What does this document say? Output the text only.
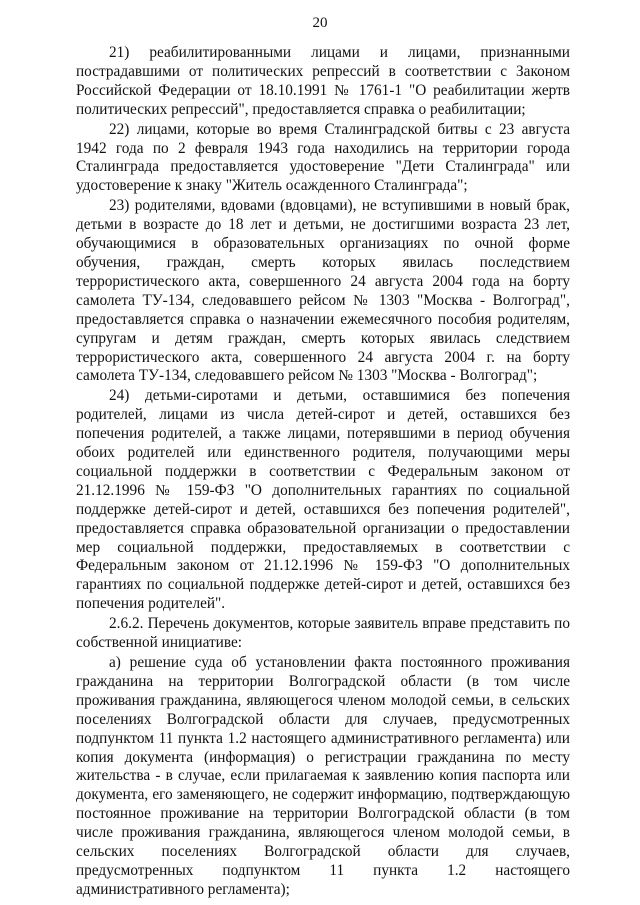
20

21) реабилитированными лицами и лицами, признанными пострадавшими от политических репрессий в соответствии с Законом Российской Федерации от 18.10.1991 № 1761-1 "О реабилитации жертв политических репрессий", предоставляется справка о реабилитации;

22) лицами, которые во время Сталинградской битвы с 23 августа 1942 года по 2 февраля 1943 года находились на территории города Сталинграда предоставляется удостоверение "Дети Сталинграда" или удостоверение к знаку "Житель осажденного Сталинграда";

23) родителями, вдовами (вдовцами), не вступившими в новый брак, детьми в возрасте до 18 лет и детьми, не достигшими возраста 23 лет, обучающимися в образовательных организациях по очной форме обучения, граждан, смерть которых явилась последствием террористического акта, совершенного 24 августа 2004 года на борту самолета ТУ-134, следовавшего рейсом № 1303 "Москва - Волгоград", предоставляется справка о назначении ежемесячного пособия родителям, супругам и детям граждан, смерть которых явилась следствием террористического акта, совершенного 24 августа 2004 г. на борту самолета ТУ-134, следовавшего рейсом № 1303 "Москва - Волгоград";

24) детьми-сиротами и детьми, оставшимися без попечения родителей, лицами из числа детей-сирот и детей, оставшихся без попечения родителей, а также лицами, потерявшими в период обучения обоих родителей или единственного родителя, получающими меры социальной поддержки в соответствии с Федеральным законом от 21.12.1996 № 159-ФЗ "О дополнительных гарантиях по социальной поддержке детей-сирот и детей, оставшихся без попечения родителей", предоставляется справка образовательной организации о предоставлении мер социальной поддержки, предоставляемых в соответствии с Федеральным законом от 21.12.1996 № 159-ФЗ "О дополнительных гарантиях по социальной поддержке детей-сирот и детей, оставшихся без попечения родителей".

2.6.2. Перечень документов, которые заявитель вправе представить по собственной инициативе:

а) решение суда об установлении факта постоянного проживания гражданина на территории Волгоградской области (в том числе проживания гражданина, являющегося членом молодой семьи, в сельских поселениях Волгоградской области для случаев, предусмотренных подпунктом 11 пункта 1.2 настоящего административного регламента) или копия документа (информация) о регистрации гражданина по месту жительства - в случае, если прилагаемая к заявлению копия паспорта или документа, его заменяющего, не содержит информацию, подтверждающую постоянное проживание на территории Волгоградской области (в том числе проживания гражданина, являющегося членом молодой семьи, в сельских поселениях Волгоградской области для случаев, предусмотренных подпунктом 11 пункта 1.2 настоящего административного регламента);
